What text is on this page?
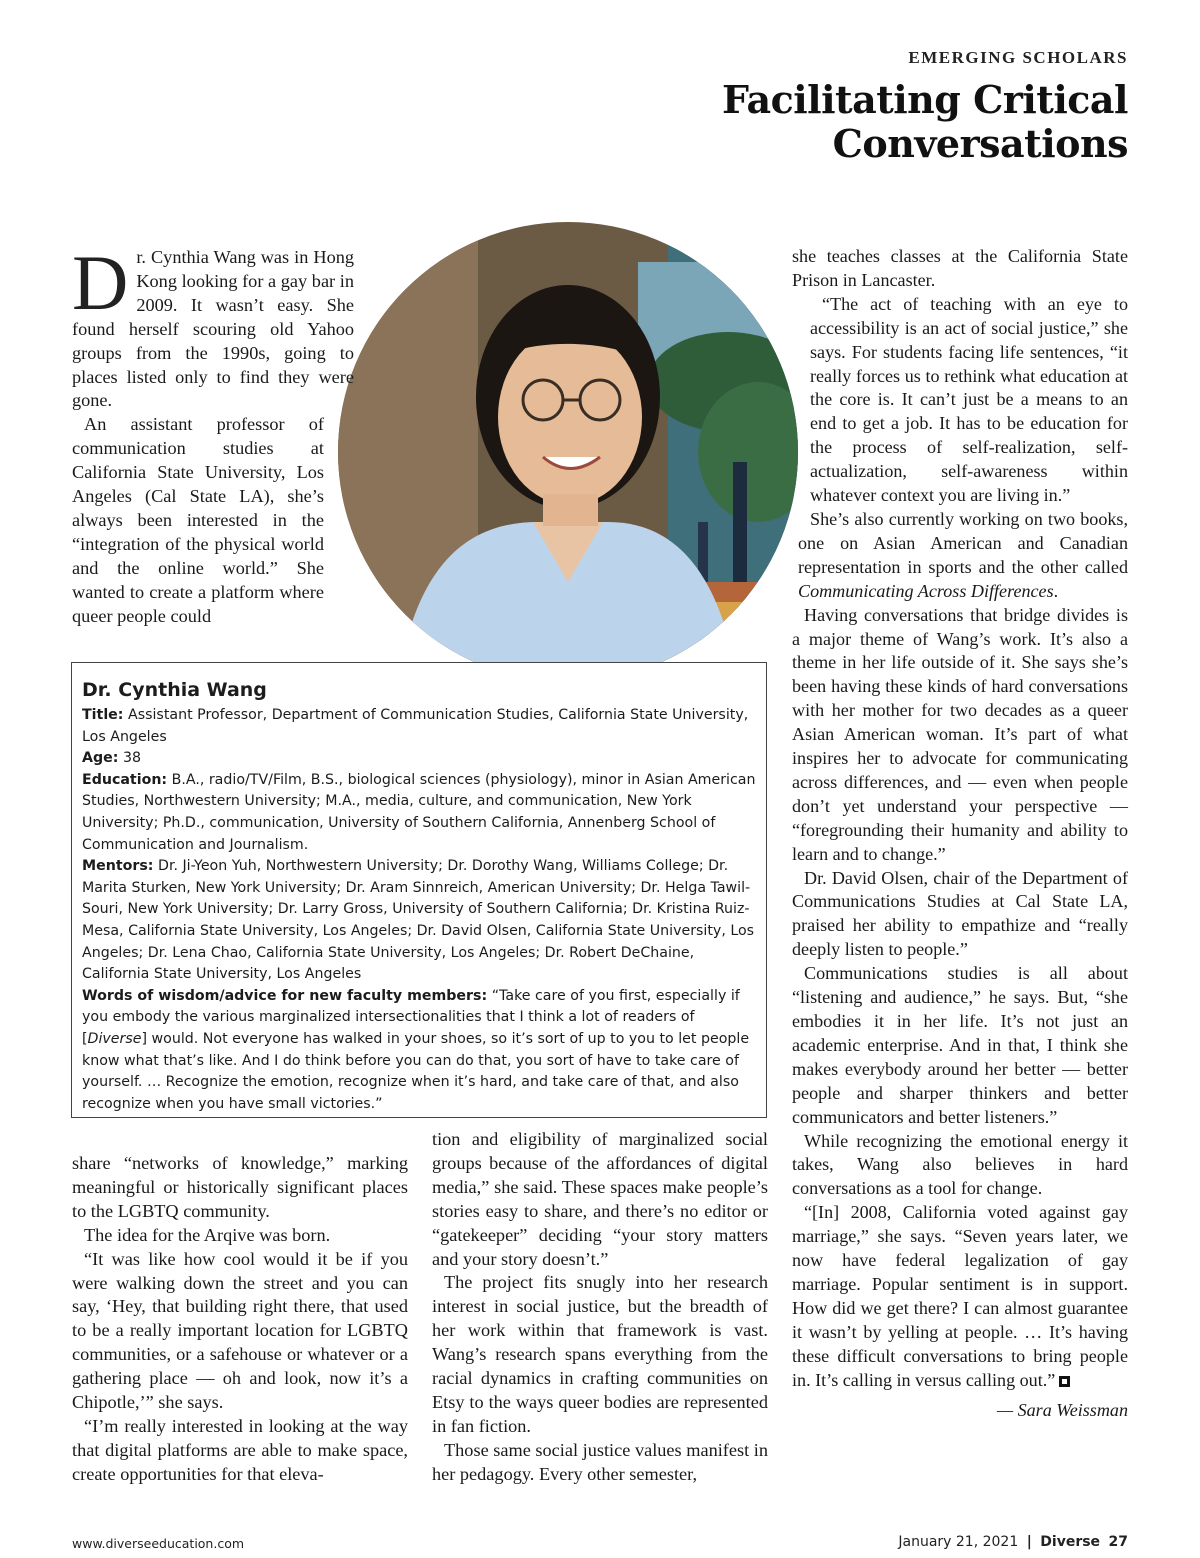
EMERGING SCHOLARS
Facilitating Critical
Conversations
D r. Cynthia Wang was in Hong Kong looking for a gay bar in 2009. It wasn’t easy. She found herself scouring old Yahoo groups from the 1990s, going to places listed only to find they were gone.

An assistant professor of communication studies at California State University, Los Angeles (Cal State LA), she’s always been interested in the “integration of the physical world and the online world.” She wanted to create a platform where queer people could

Dr. Cynthia Wang

Title: Assistant Professor, Department of Communication Studies, California State University, Los Angeles

Age: 38

Education: B.A., radio/TV/Film, B.S., biological sciences (physiology), minor in Asian American Studies, Northwestern University; M.A., media, culture, and communication, New York University; Ph.D., communication, University of Southern California, Annenberg School of Communication and Journalism.

Mentors: Dr. Ji-Yeon Yuh, Northwestern University; Dr. Dorothy Wang, Williams College; Dr. Marita Sturken, New York University; Dr. Aram Sinnreich, American University; Dr. Helga Tawil-Souri, New York University; Dr. Larry Gross, University of Southern California; Dr. Kristina Ruiz-Mesa, California State University, Los Angeles; Dr. David Olsen, California State University, Los Angeles; Dr. Lena Chao, California State University, Los Angeles; Dr. Robert DeChaine, California State University, Los Angeles

Words of wisdom/advice for new faculty members: “Take care of you first, especially if you embody the various marginalized intersectionalities that I think a lot of readers of [Diverse] would. Not everyone has walked in your shoes, so it’s sort of up to you to let people know what that’s like. And I do think before you can do that, you sort of have to take care of yourself. … Recognize the emotion, recognize when it’s hard, and take care of that, and also recognize when you have small victories.”

share “networks of knowledge,” marking meaningful or historically significant places to the LGBTQ community.

The idea for the Arqive was born.

“It was like how cool would it be if you were walking down the street and you can say, ‘Hey, that building right there, that used to be a really important location for LGBTQ communities, or a safehouse or whatever or a gathering place — oh and look, now it’s a Chipotle,’” she says.

“I’m really interested in looking at the way that digital platforms are able to make space, create opportunities for that eleva-

tion and eligibility of marginalized social groups because of the affordances of digital media,” she said. These spaces make people’s stories easy to share, and there’s no editor or “gatekeeper” deciding “your story matters and your story doesn’t.”

The project fits snugly into her research interest in social justice, but the breadth of her work within that framework is vast. Wang’s research spans everything from the racial dynamics in crafting communities on Etsy to the ways queer bodies are represented in fan fiction.

Those same social justice values manifest in her pedagogy. Every other semester,

she teaches classes at the California State Prison in Lancaster.

“The act of teaching with an eye to accessibility is an act of social justice,” she says. For students facing life sentences, “it really forces us to rethink what education at the core is. It can’t just be a means to an end to get a job. It has to be education for the process of self-realization, self-actualization, self-awareness within whatever context you are living in.”

She’s also currently working on two books, one on Asian American and Canadian representation in sports and the other called Communicating Across Differences.

Having conversations that bridge divides is a major theme of Wang’s work. It’s also a theme in her life outside of it. She says she’s been having these kinds of hard conversations with her mother for two decades as a queer Asian American woman. It’s part of what inspires her to advocate for communicating across differences, and — even when people don’t yet understand your perspective — “foregrounding their humanity and ability to learn and to change.”

Dr. David Olsen, chair of the Department of Communications Studies at Cal State LA, praised her ability to empathize and “really deeply listen to people.”

Communications studies is all about “listening and audience,” he says. But, “she embodies it in her life. It’s not just an academic enterprise. And in that, I think she makes everybody around her better — better people and sharper thinkers and better communicators and better listeners.”

While recognizing the emotional energy it takes, Wang also believes in hard conversations as a tool for change.

“[In] 2008, California voted against gay marriage,” she says. “Seven years later, we now have federal legalization of gay marriage. Popular sentiment is in support. How did we get there? I can almost guarantee it wasn’t by yelling at people. … It’s having these difficult conversations to bring people in. It’s calling in versus calling out.”

— Sara Weissman
www.diverseeducation.com	January 21, 2021 | Diverse 27
